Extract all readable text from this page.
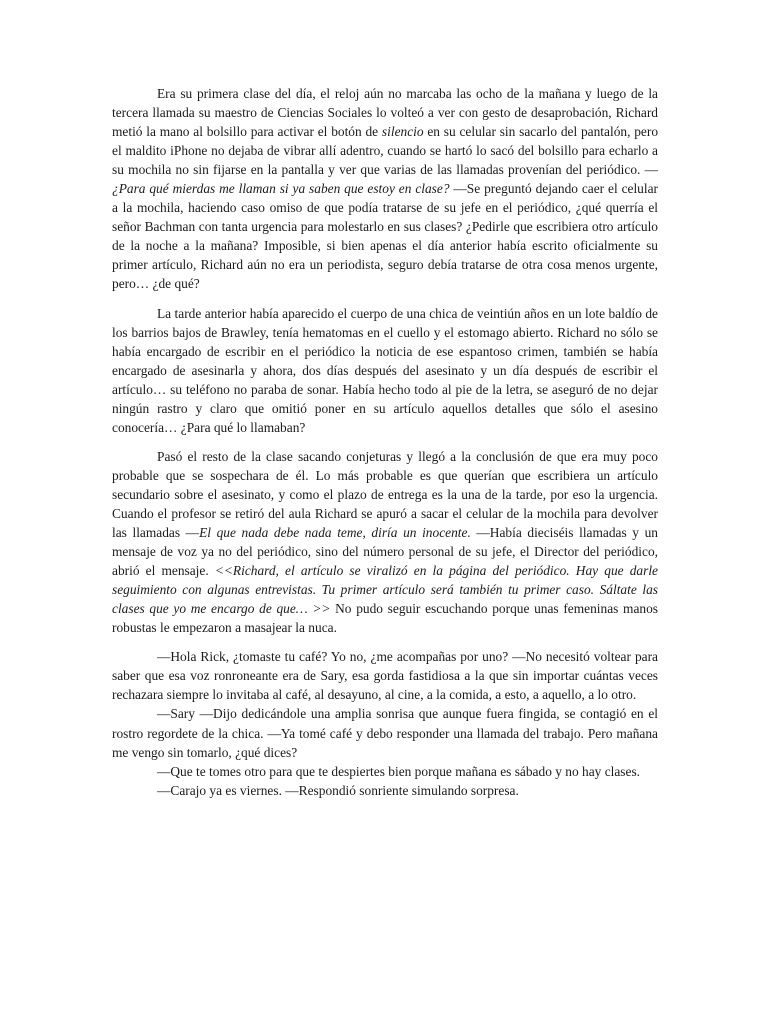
Era su primera clase del día, el reloj aún no marcaba las ocho de la mañana y luego de la tercera llamada su maestro de Ciencias Sociales lo volteó a ver con gesto de desaprobación, Richard metió la mano al bolsillo para activar el botón de silencio en su celular sin sacarlo del pantalón, pero el maldito iPhone no dejaba de vibrar allí adentro, cuando se hartó lo sacó del bolsillo para echarlo a su mochila no sin fijarse en la pantalla y ver que varias de las llamadas provenían del periódico. —¿Para qué mierdas me llaman si ya saben que estoy en clase? —Se preguntó dejando caer el celular a la mochila, haciendo caso omiso de que podía tratarse de su jefe en el periódico, ¿qué querría el señor Bachman con tanta urgencia para molestarlo en sus clases? ¿Pedirle que escribiera otro artículo de la noche a la mañana? Imposible, si bien apenas el día anterior había escrito oficialmente su primer artículo, Richard aún no era un periodista, seguro debía tratarse de otra cosa menos urgente, pero… ¿de qué?

La tarde anterior había aparecido el cuerpo de una chica de veintiún años en un lote baldío de los barrios bajos de Brawley, tenía hematomas en el cuello y el estomago abierto. Richard no sólo se había encargado de escribir en el periódico la noticia de ese espantoso crimen, también se había encargado de asesinarla y ahora, dos días después del asesinato y un día después de escribir el artículo… su teléfono no paraba de sonar. Había hecho todo al pie de la letra, se aseguró de no dejar ningún rastro y claro que omitió poner en su artículo aquellos detalles que sólo el asesino conocería… ¿Para qué lo llamaban?

Pasó el resto de la clase sacando conjeturas y llegó a la conclusión de que era muy poco probable que se sospechara de él. Lo más probable es que querían que escribiera un artículo secundario sobre el asesinato, y como el plazo de entrega es la una de la tarde, por eso la urgencia. Cuando el profesor se retiró del aula Richard se apuró a sacar el celular de la mochila para devolver las llamadas —El que nada debe nada teme, diría un inocente. —Había dieciséis llamadas y un mensaje de voz ya no del periódico, sino del número personal de su jefe, el Director del periódico, abrió el mensaje. <<Richard, el artículo se viralizó en la página del periódico. Hay que darle seguimiento con algunas entrevistas. Tu primer artículo será también tu primer caso. Sáltate las clases que yo me encargo de que… >> No pudo seguir escuchando porque unas femeninas manos robustas le empezaron a masajear la nuca.

—Hola Rick, ¿tomaste tu café? Yo no, ¿me acompañas por uno? —No necesitó voltear para saber que esa voz ronroneante era de Sary, esa gorda fastidiosa a la que sin importar cuántas veces rechazara siempre lo invitaba al café, al desayuno, al cine, a la comida, a esto, a aquello, a lo otro.

—Sary —Dijo dedicándole una amplia sonrisa que aunque fuera fingida, se contagió en el rostro regordete de la chica. —Ya tomé café y debo responder una llamada del trabajo. Pero mañana me vengo sin tomarlo, ¿qué dices?

—Que te tomes otro para que te despiertes bien porque mañana es sábado y no hay clases.

—Carajo ya es viernes. —Respondió sonriente simulando sorpresa.
